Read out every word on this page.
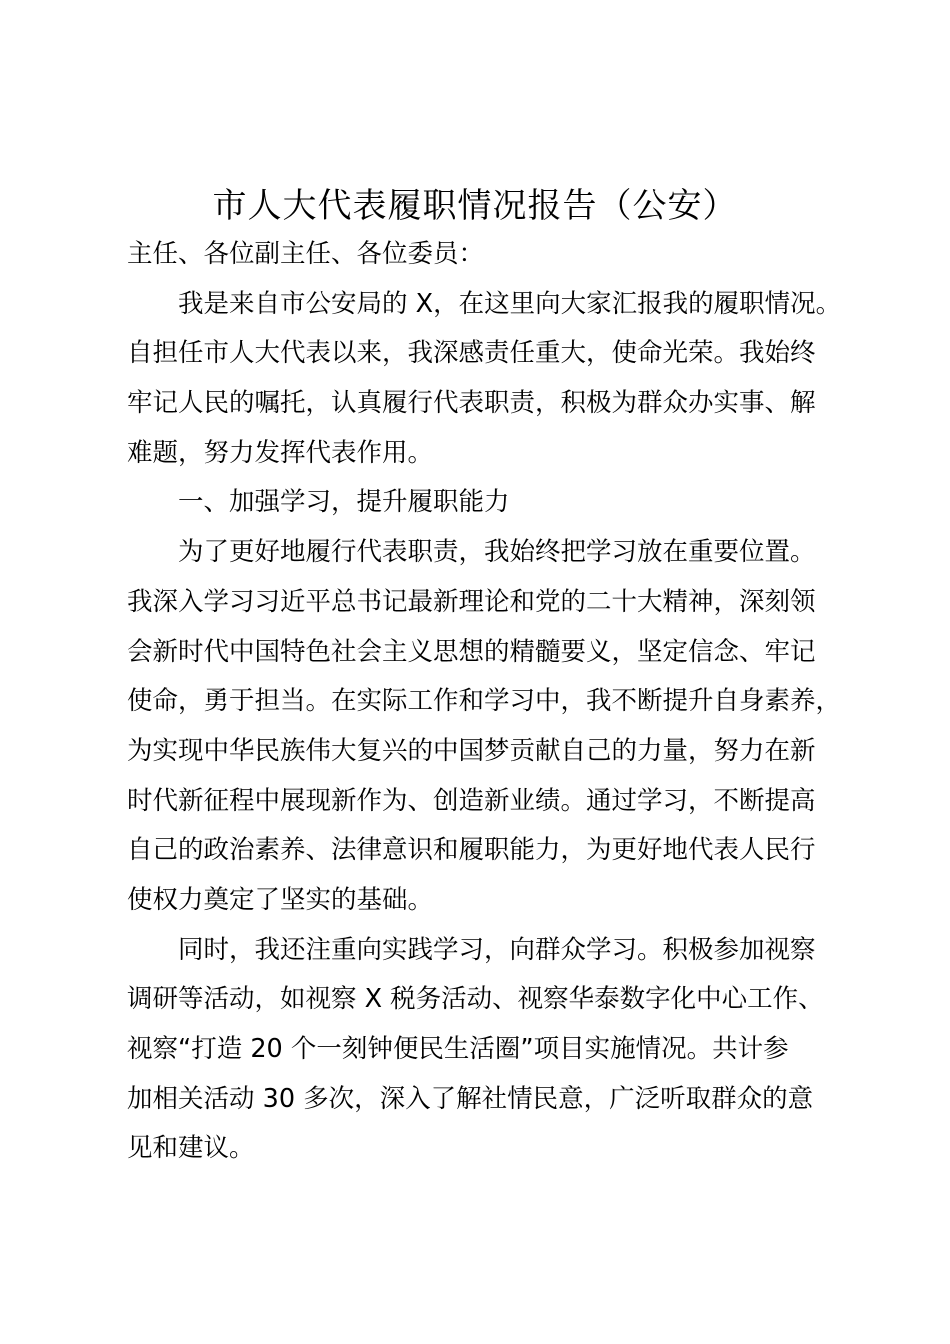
市人大代表履职情况报告（公安）
主任、各位副主任、各位委员：
我是来自市公安局的 X，在这里向大家汇报我的履职情况。
自担任市人大代表以来，我深感责任重大，使命光荣。我始终
牢记人民的嘱托，认真履行代表职责，积极为群众办实事、解
难题，努力发挥代表作用。
一、加强学习，提升履职能力
为了更好地履行代表职责，我始终把学习放在重要位置。
我深入学习习近平总书记最新理论和党的二十大精神，深刻领
会新时代中国特色社会主义思想的精髓要义，坚定信念、牢记
使命，勇于担当。在实际工作和学习中，我不断提升自身素养，
为实现中华民族伟大复兴的中国梦贡献自己的力量，努力在新
时代新征程中展现新作为、创造新业绩。通过学习，不断提高
自己的政治素养、法律意识和履职能力，为更好地代表人民行
使权力奠定了坚实的基础。
同时，我还注重向实践学习，向群众学习。积极参加视察
调研等活动，如视察 X 税务活动、视察华泰数字化中心工作、
视察“打造 20 个一刻钟便民生活圈”项目实施情况。共计参
加相关活动 30 多次，深入了解社情民意，广泛听取群众的意
见和建议。
